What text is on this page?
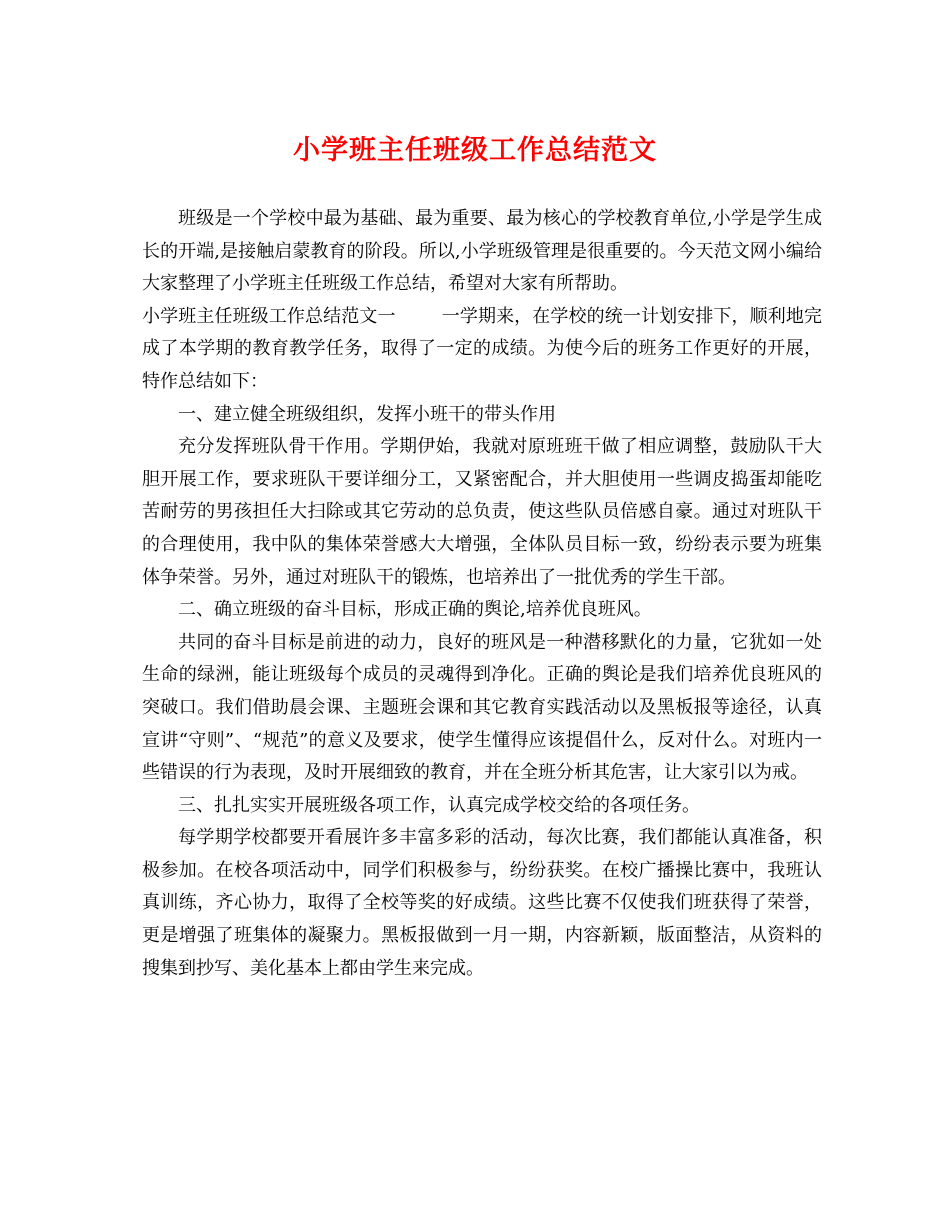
小学班主任班级工作总结范文

班级是一个学校中最为基础、最为重要、最为核心的学校教育单位,小学是学生成长的开端,是接触启蒙教育的阶段。所以,小学班级管理是很重要的。今天范文网小编给大家整理了小学班主任班级工作总结，希望对大家有所帮助。

小学班主任班级工作总结范文一	一学期来，在学校的统一计划安排下，顺利地完成了本学期的教育教学任务，取得了一定的成绩。为使今后的班务工作更好的开展，特作总结如下：

一、建立健全班级组织，发挥小班干的带头作用

充分发挥班队骨干作用。学期伊始，我就对原班班干做了相应调整，鼓励队干大胆开展工作，要求班队干要详细分工，又紧密配合，并大胆使用一些调皮捣蛋却能吃苦耐劳的男孩担任大扫除或其它劳动的总负责，使这些队员倍感自豪。通过对班队干的合理使用，我中队的集体荣誉感大大增强，全体队员目标一致，纷纷表示要为班集体争荣誉。另外，通过对班队干的锻炼，也培养出了一批优秀的学生干部。

二、确立班级的奋斗目标，形成正确的舆论,培养优良班风。

共同的奋斗目标是前进的动力，良好的班风是一种潜移默化的力量，它犹如一处生命的绿洲，能让班级每个成员的灵魂得到净化。正确的舆论是我们培养优良班风的突破口。我们借助晨会课、主题班会课和其它教育实践活动以及黑板报等途径，认真宣讲“守则”、“规范”的意义及要求，使学生懂得应该提倡什么，反对什么。对班内一些错误的行为表现，及时开展细致的教育，并在全班分析其危害，让大家引以为戒。

三、扎扎实实开展班级各项工作，认真完成学校交给的各项任务。

每学期学校都要开看展许多丰富多彩的活动，每次比赛，我们都能认真准备，积极参加。在校各项活动中，同学们积极参与，纷纷获奖。在校广播操比赛中，我班认真训练，齐心协力，取得了全校等奖的好成绩。这些比赛不仅使我们班获得了荣誉，更是增强了班集体的凝聚力。黑板报做到一月一期，内容新颖，版面整洁，从资料的搜集到抄写、美化基本上都由学生来完成。
